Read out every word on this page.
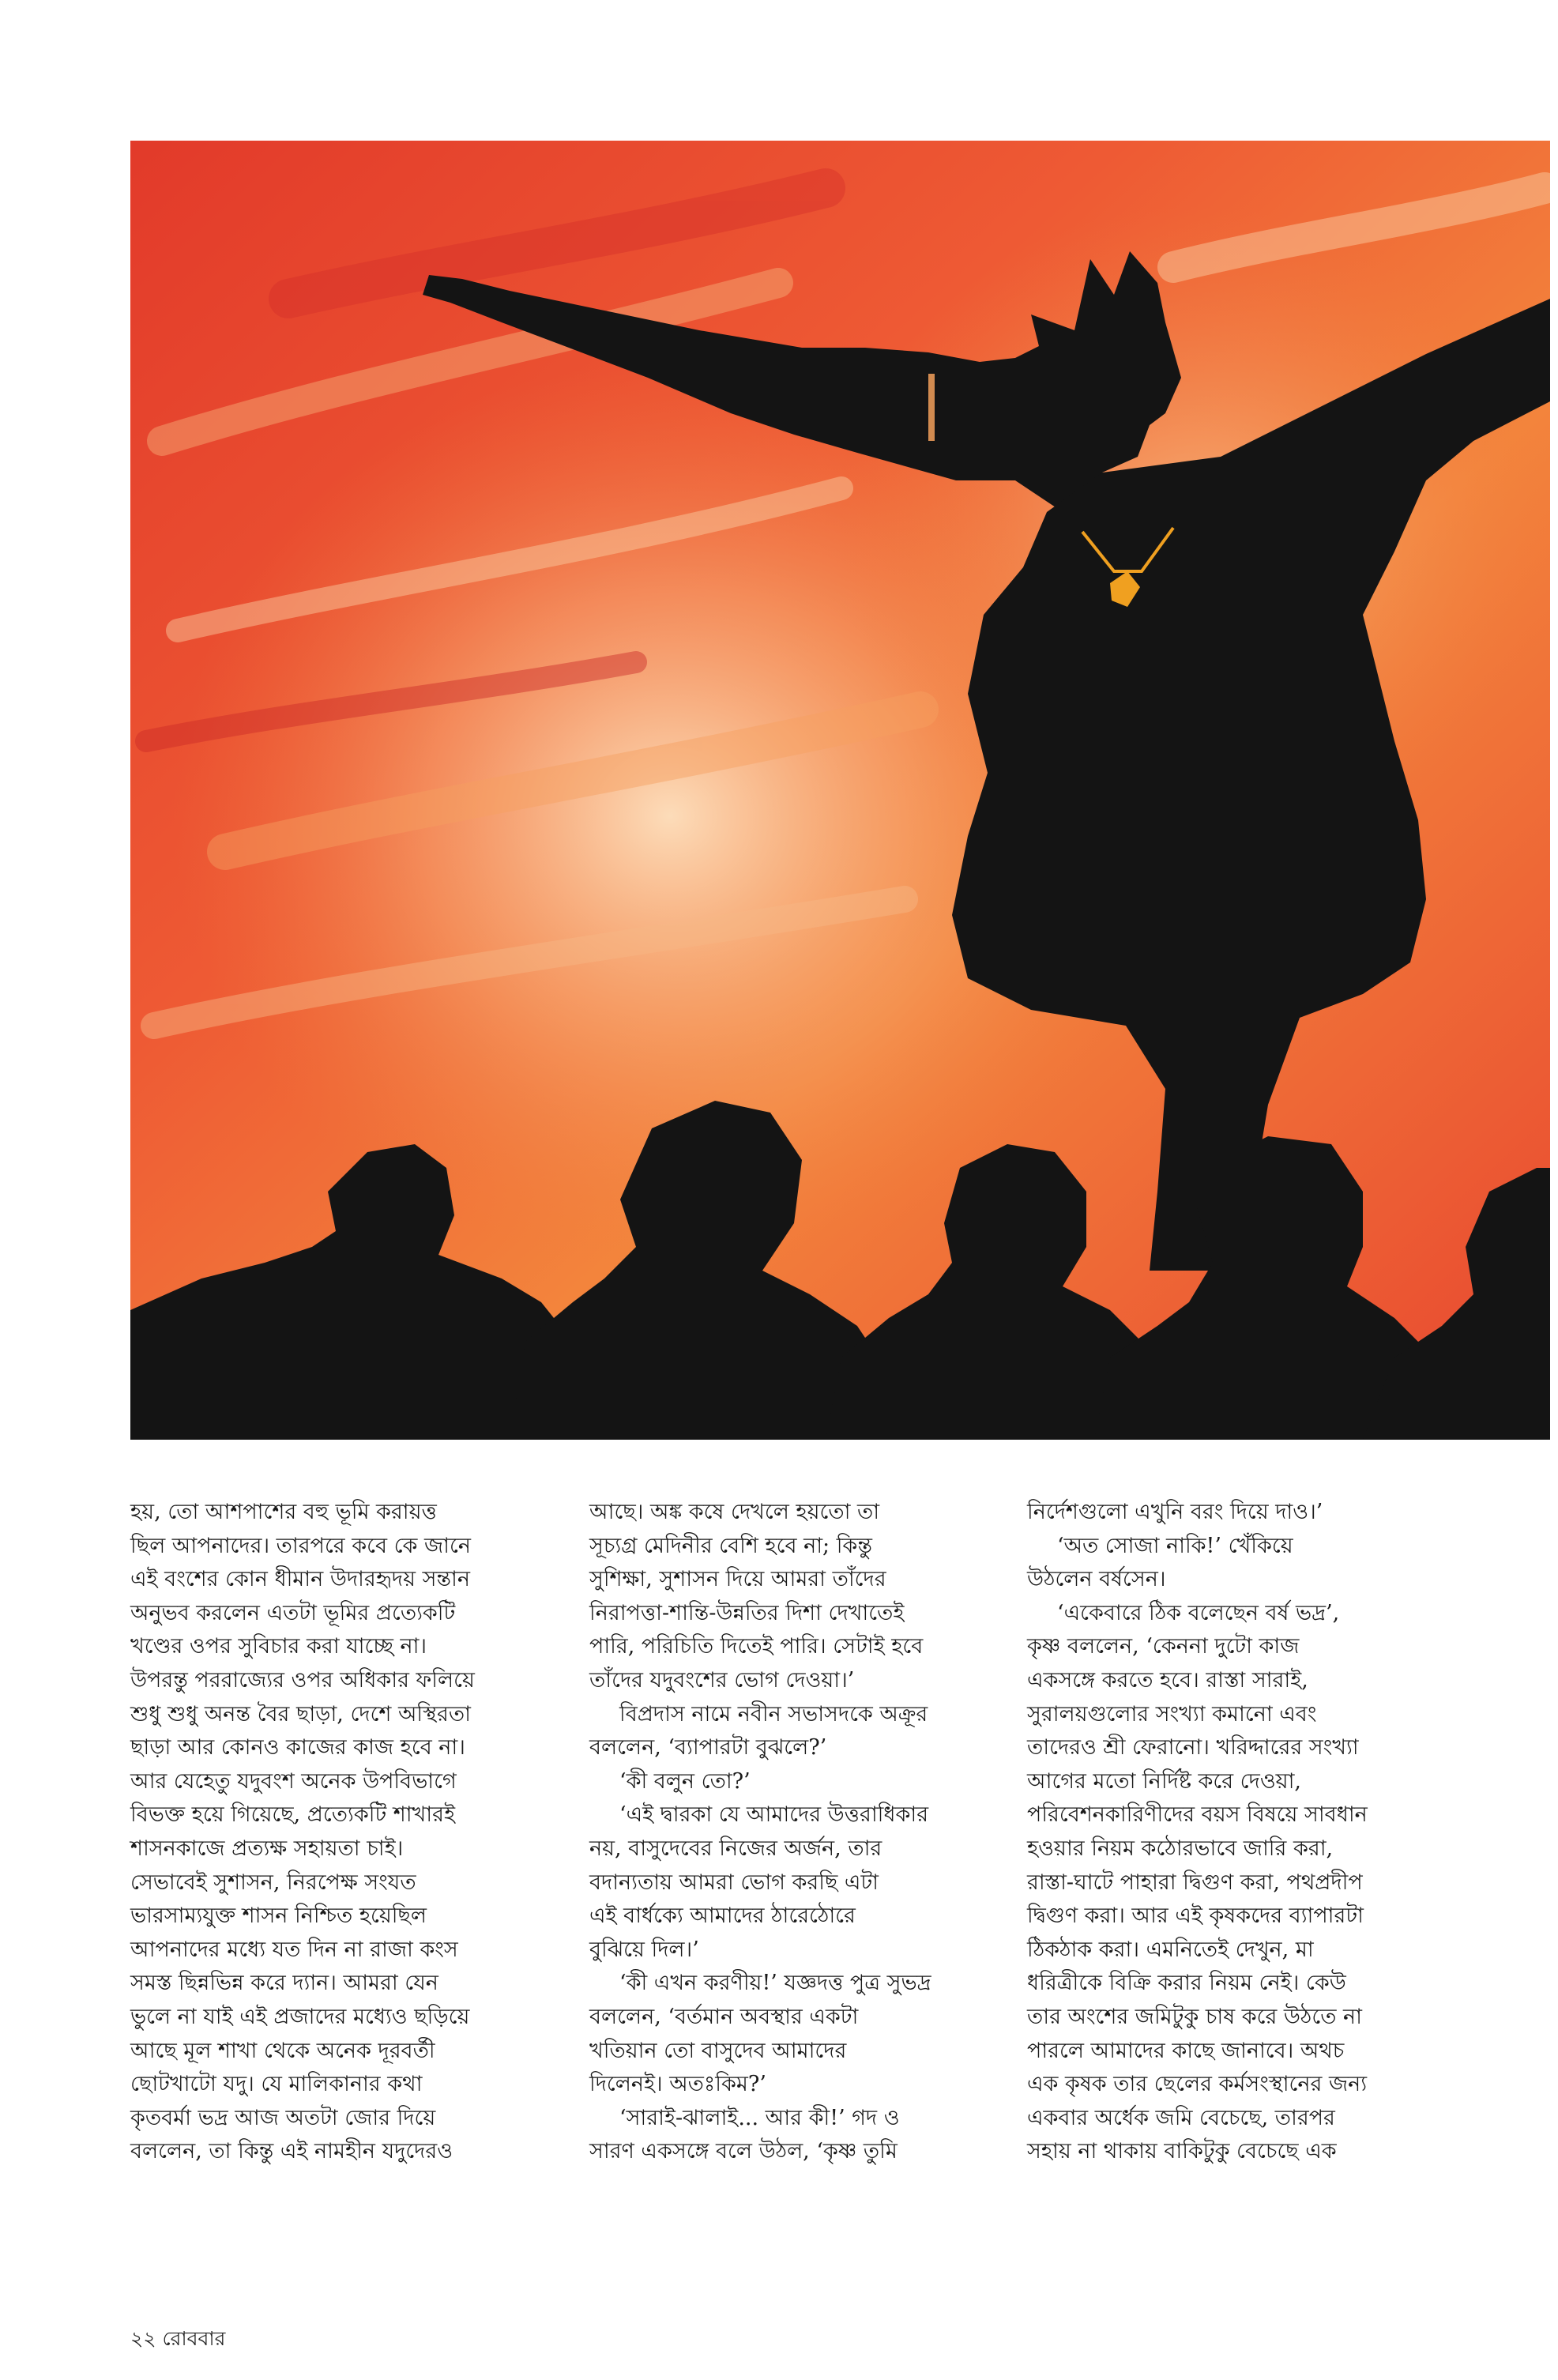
হয়, তো আশপাশের বহু ভূমি করায়ত্ত
ছিল আপনাদের। তারপরে কবে কে জানে
এই বংশের কোন ধীমান উদারহৃদয় সন্তান
অনুভব করলেন এতটা ভূমির প্রত্যেকটি
খণ্ডের ওপর সুবিচার করা যাচ্ছে না।
উপরন্তু পররাজ্যের ওপর অধিকার ফলিয়ে
শুধু শুধু অনন্ত বৈর ছাড়া, দেশে অস্থিরতা
ছাড়া আর কোনও কাজের কাজ হবে না।
আর যেহেতু যদুবংশ অনেক উপবিভাগে
বিভক্ত হয়ে গিয়েছে, প্রত্যেকটি শাখারই
শাসনকাজে প্রত্যক্ষ সহায়তা চাই।
সেভাবেই সুশাসন, নিরপেক্ষ সংযত
ভারসাম্যযুক্ত শাসন নিশ্চিত হয়েছিল
আপনাদের মধ্যে যত দিন না রাজা কংস
সমস্ত ছিন্নভিন্ন করে দ্যান। আমরা যেন
ভুলে না যাই এই প্রজাদের মধ্যেও ছড়িয়ে
আছে মূল শাখা থেকে অনেক দূরবর্তী
ছোটখাটো যদু। যে মালিকানার কথা
কৃতবর্মা ভদ্র আজ অতটা জোর দিয়ে
বললেন, তা কিন্তু এই নামহীন যদুদেরও
আছে। অঙ্ক কষে দেখলে হয়তো তা
সূচ্যগ্র মেদিনীর বেশি হবে না; কিন্তু
সুশিক্ষা, সুশাসন দিয়ে আমরা তাঁদের
নিরাপত্তা-শান্তি-উন্নতির দিশা দেখাতেই
পারি, পরিচিতি দিতেই পারি। সেটাই হবে
তাঁদের যদুবংশের ভোগ দেওয়া।’
বিপ্রদাস নামে নবীন সভাসদকে অক্রূর
বললেন, ‘ব্যাপারটা বুঝলে?’
‘কী বলুন তো?’
‘এই দ্বারকা যে আমাদের উত্তরাধিকার
নয়, বাসুদেবের নিজের অর্জন, তার
বদান্যতায় আমরা ভোগ করছি এটা
এই বার্ধক্যে আমাদের ঠারেঠোরে
বুঝিয়ে দিল।’
‘কী এখন করণীয়!’ যজ্ঞদত্ত পুত্র সুভদ্র
বললেন, ‘বর্তমান অবস্থার একটা
খতিয়ান তো বাসুদেব আমাদের
দিলেনই। অতঃকিম?’
‘সারাই-ঝালাই... আর কী!’ গদ ও
সারণ একসঙ্গে বলে উঠল, ‘কৃষ্ণ তুমি
নির্দেশগুলো এখুনি বরং দিয়ে দাও।’
‘অত সোজা নাকি!’ খেঁকিয়ে
উঠলেন বর্ষসেন।
‘একেবারে ঠিক বলেছেন বর্ষ ভদ্র’,
কৃষ্ণ বললেন, ‘কেননা দুটো কাজ
একসঙ্গে করতে হবে। রাস্তা সারাই,
সুরালয়গুলোর সংখ্যা কমানো এবং
তাদেরও শ্রী ফেরানো। খরিদ্দারের সংখ্যা
আগের মতো নির্দিষ্ট করে দেওয়া,
পরিবেশনকারিণীদের বয়স বিষয়ে সাবধান
হওয়ার নিয়ম কঠোরভাবে জারি করা,
রাস্তা-ঘাটে পাহারা দ্বিগুণ করা, পথপ্রদীপ
দ্বিগুণ করা। আর এই কৃষকদের ব্যাপারটা
ঠিকঠাক করা। এমনিতেই দেখুন, মা
ধরিত্রীকে বিক্রি করার নিয়ম নেই। কেউ
তার অংশের জমিটুকু চাষ করে উঠতে না
পারলে আমাদের কাছে জানাবে। অথচ
এক কৃষক তার ছেলের কর্মসংস্থানের জন্য
একবার অর্ধেক জমি বেচেছে, তারপর
সহায় না থাকায় বাকিটুকু বেচেছে এক
২২ রোববার
